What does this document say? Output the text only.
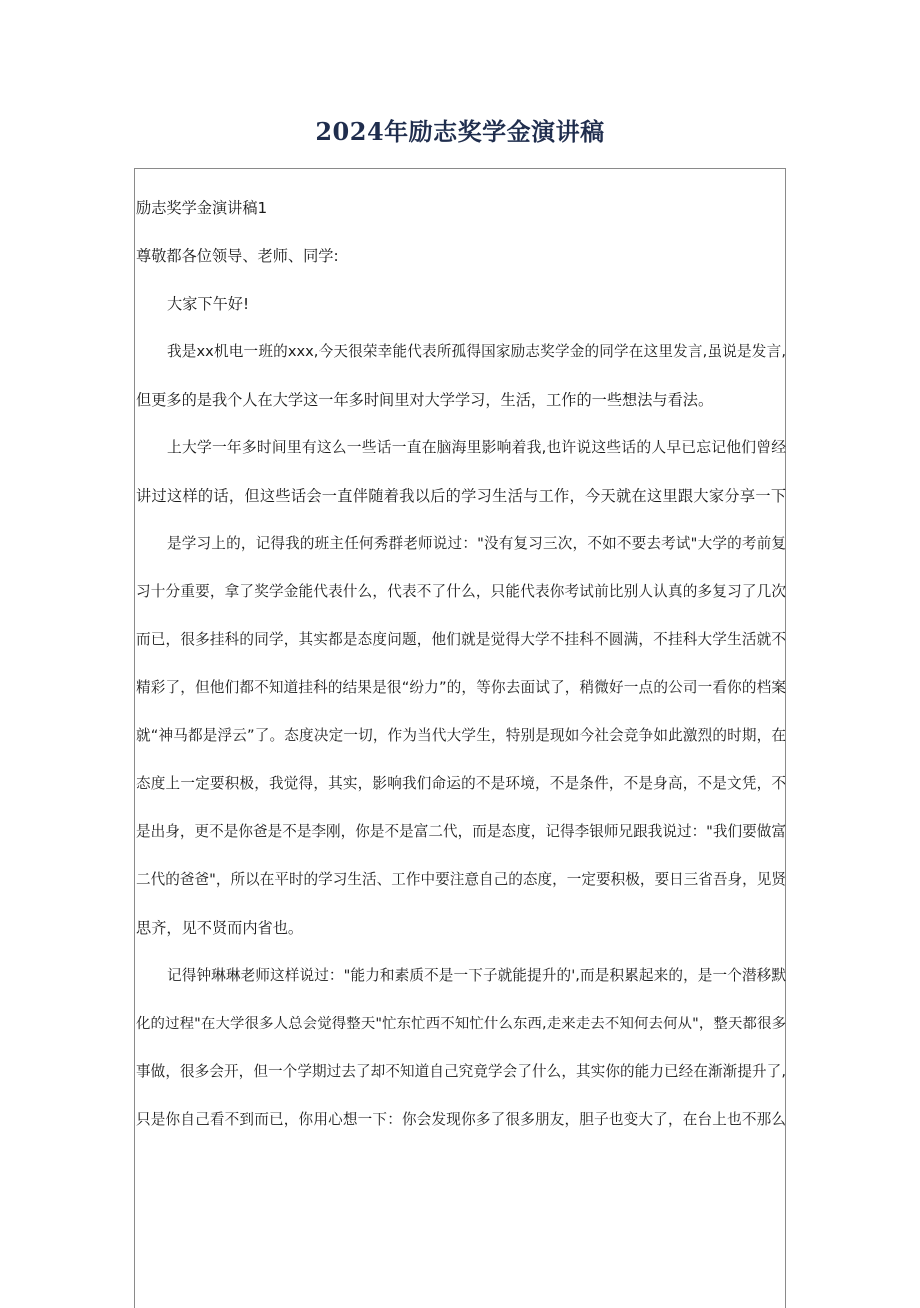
2024年励志奖学金演讲稿
励志奖学金演讲稿1
尊敬都各位领导、老师、同学:
大家下午好!
我是xx机电一班的xxx,今天很荣幸能代表所孤得国家励志奖学金的同学在这里发言,虽说是发言,
但更多的是我个人在大学这一年多时间里对大学学习，生活，工作的一些想法与看法。
上大学一年多时间里有这么一些话一直在脑海里影响着我,也许说这些话的人早已忘记他们曾经
讲过这样的话，但这些话会一直伴随着我以后的学习生活与工作，今天就在这里跟大家分享一下
是学习上的，记得我的班主任何秀群老师说过："没有复习三次，不如不要去考试"大学的考前复
习十分重要，拿了奖学金能代表什么，代表不了什么，只能代表你考试前比别人认真的多复习了几次
而已，很多挂科的同学，其实都是态度问题，他们就是觉得大学不挂科不圆满，不挂科大学生活就不
精彩了，但他们都不知道挂科的结果是很“纷力”的，等你去面试了，稍微好一点的公司一看你的档案
就“神马都是浮云”了。态度决定一切，作为当代大学生，特别是现如今社会竞争如此激烈的时期，在
态度上一定要积极，我觉得，其实，影响我们命运的不是环境，不是条件，不是身高，不是文凭，不
是出身，更不是你爸是不是李刚，你是不是富二代，而是态度，记得李银师兄跟我说过："我们要做富
二代的爸爸"，所以在平时的学习生活、工作中要注意自己的态度，一定要积极，要日三省吾身，见贤
思齐，见不贤而内省也。
记得钟琳琳老师这样说过："能力和素质不是一下子就能提升的',而是积累起来的，是一个潜移默
化的过程"在大学很多人总会觉得整天"忙东忙西不知忙什么东西,走来走去不知何去何从"，整天都很多
事做，很多会开，但一个学期过去了却不知道自己究竟学会了什么，其实你的能力已经在渐渐提升了,
只是你自己看不到而已，你用心想一下：你会发现你多了很多朋友，胆子也变大了，在台上也不那么
